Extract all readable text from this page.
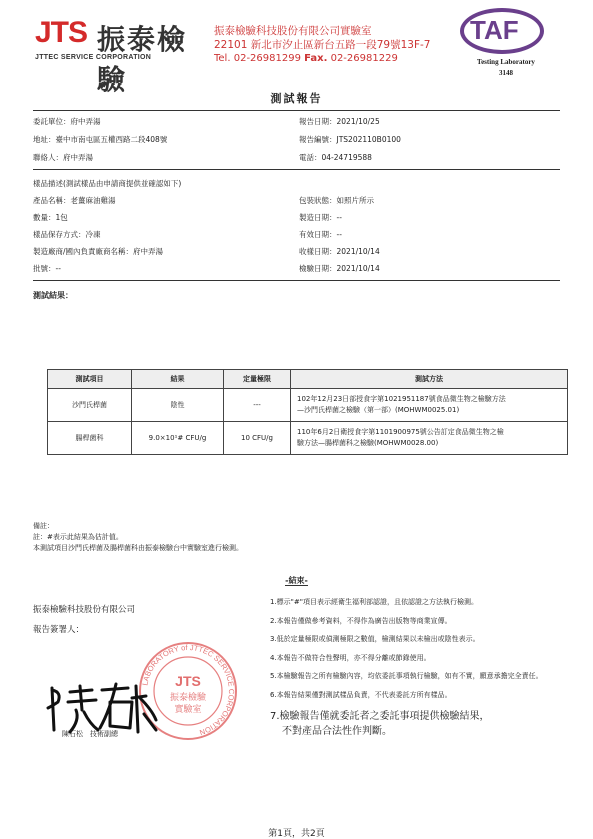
JTS 振泰檢驗
JTTEC SERVICE CORPORATION
振泰檢驗科技股份有限公司實驗室
22101 新北市汐止區新台五路一段79號13F-7
Tel. 02-26981299 Fax. 02-26981229
TAF
Testing Laboratory
3148
測試報告
委託單位：府中弄湯
地址：臺中市南屯區五權西路二段408號
聯絡人：府中弄湯
報告日期：2021/10/25
報告編號：JTS202110B0100
電話：04-24719588
樣品描述(測試樣品由申請商提供並確認如下)
產品名稱：老薑麻油雞湯
數量：1包
樣品保存方式：冷凍
製造廠商/國內負責廠商名稱：府中弄湯
批號：--
包裝狀態：如照片所示
製造日期：--
有效日期：--
收樣日期：2021/10/14
檢驗日期：2021/10/14
測試結果：
測試項目	結果	定量極限	測試方法
沙門氏桿菌	陰性	---	102年12月23日部授食字第1021951187號食品微生物之檢驗方法
—沙門氏桿菌之檢驗（第一部）(MOHWM0025.01)

腸桿菌科	9.0×10¹# CFU/g	10 CFU/g	110年6月2日衛授食字第1101900975號公告訂定食品微生物之檢
驗方法—腸桿菌科之檢驗(MOHWM0028.00)
備註：
註：#表示此結果為估計值。
本測試項目沙門氏桿菌及腸桿菌科由振泰檢驗台中實驗室進行檢測。
-結束-
振泰檢驗科技股份有限公司
報告簽署人：
LABORATORY of JTTEC SERVICE CORPORATION
JTS
振泰檢驗
實驗室
陳石松　技術副總
1.標示"#"項目表示經衛生福利部認證，且依認證之方法執行檢測。
2.本報告僅做參考資料，不得作為廣告出版物等商業宣傳。
3.低於定量極限或偵測極限之數值，檢測結果以未檢出或陰性表示。
4.本報告不做符合性聲明，亦不得分離或節錄使用。
5.本檢驗報告之所有檢驗內容，均依委託事項執行檢驗，如有不實，願意承擔完全責任。
6.本報告結果僅對測試樣品負責，不代表委託方所有樣品。
7.檢驗報告僅就委託者之委託事項提供檢驗結果，
不對產品合法性作判斷。
第1頁，共2頁
